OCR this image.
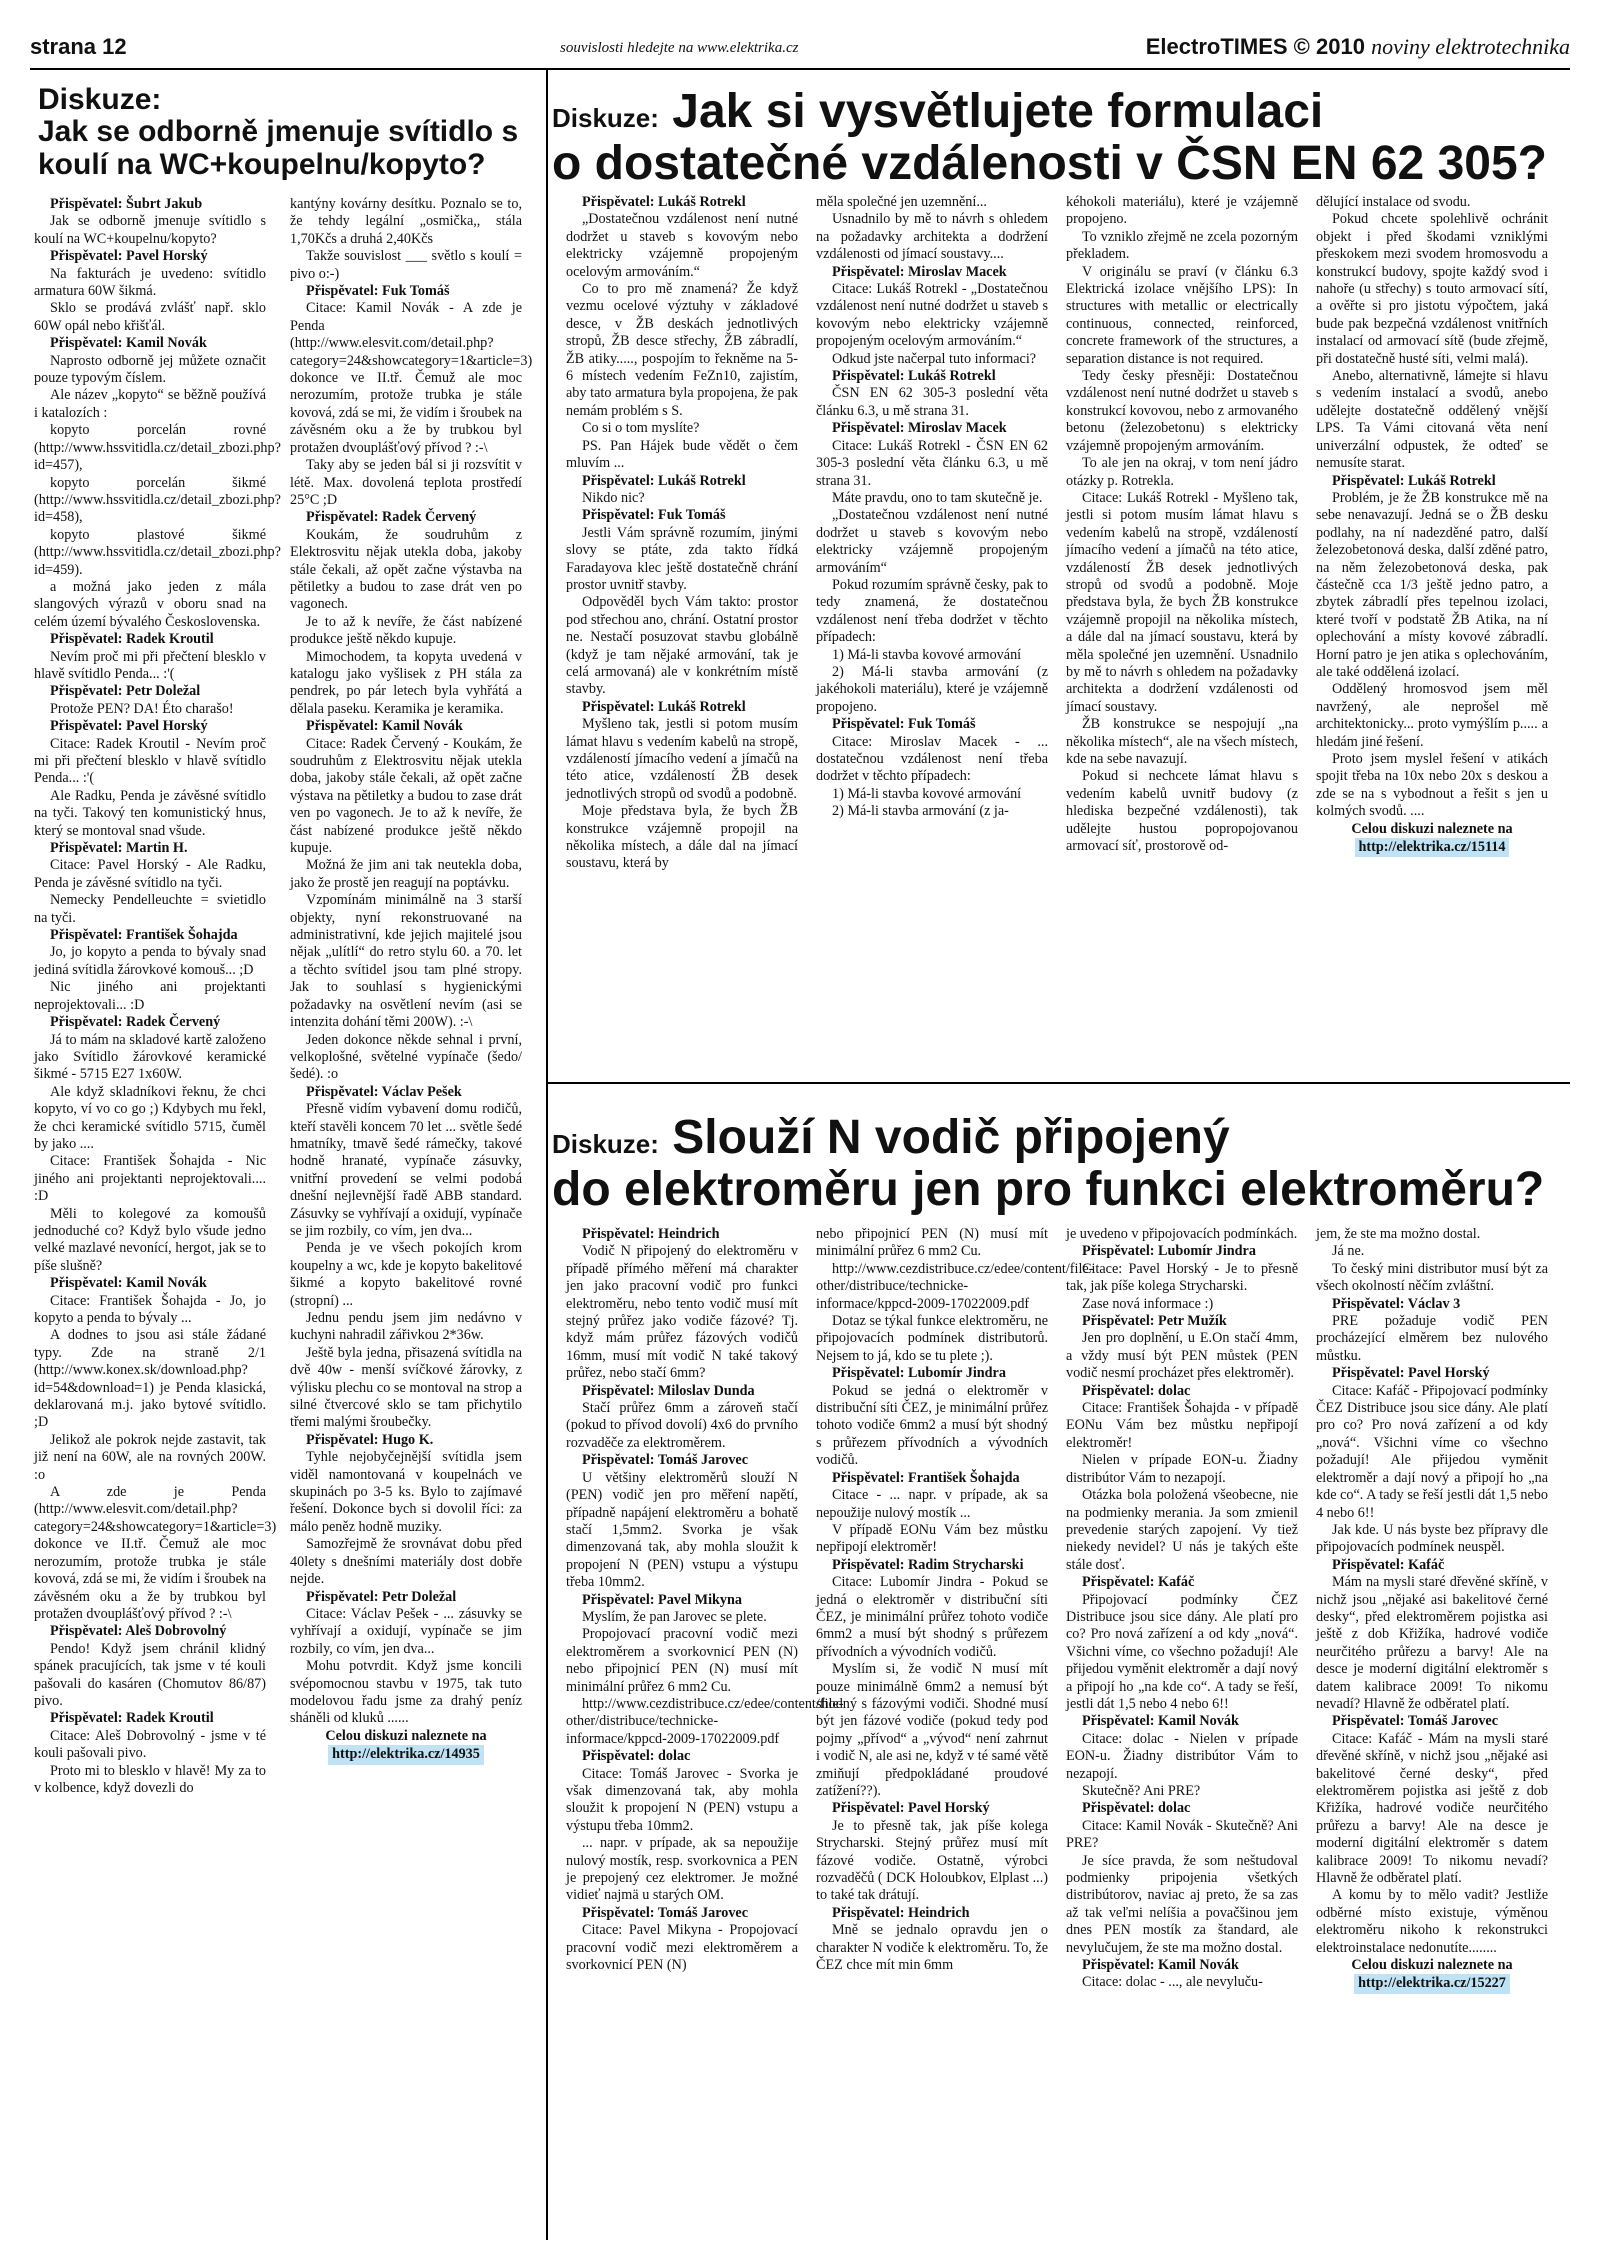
strana 12	souvislosti hledejte na www.elektrika.cz	ElectroTIMES © 2010 noviny elektrotechnika
Diskuze:
Jak se odborně jmenuje svítidlo s koulí na WC+koupelnu/kopyto?
Diskuze: Jak si vysvětlujete formulaci
o dostatečné vzdálenosti v ČSN EN 62 305?
Diskuze: Slouží N vodič připojený
do elektroměru jen pro funkci elektroměru?

Přispěvatel: Šubrt Jakub

Jak se odborně jmenuje svítidlo s koulí na WC+koupelnu/kopyto?

Přispěvatel: Pavel Horský

Na fakturách je uvedeno: svítidlo armatura 60W šikmá.

Sklo se prodává zvlášť např. sklo 60W opál nebo křišťál.

Přispěvatel: Kamil Novák

Naprosto odborně jej můžete označit pouze typovým číslem.

Ale název „kopyto“ se běžně používá i katalozích :

kopyto porcelán rovné (http://www.hssvitidla.cz/detail_zbozi.php?id=457),

kopyto porcelán šikmé (http://www.hssvitidla.cz/detail_zbozi.php?id=458),

kopyto plastové šikmé (http://www.hssvitidla.cz/detail_zbozi.php?id=459).

a možná jako jeden z mála slangových výrazů v oboru snad na celém území bývalého Československa.

Přispěvatel: Radek Kroutil

Nevím proč mi při přečtení blesklo v hlavě svítidlo Penda... :'(

Přispěvatel: Petr Doležal

Protože PEN? DA! Éto charašo!

Přispěvatel: Pavel Horský

Citace: Radek Kroutil - Nevím proč mi při přečtení blesklo v hlavě svítidlo Penda... :'(

Ale Radku, Penda je závěsné svítidlo na tyči. Takový ten komunistický hnus, který se montoval snad všude.

Přispěvatel: Martin H.

Citace: Pavel Horský - Ale Radku, Penda je závěsné svítidlo na tyči.

Nemecky Pendelleuchte = svietidlo na tyči.

Přispěvatel: František Šohajda

Jo, jo kopyto a penda to bývaly snad jediná svítidla žárovkové komouš... ;D

Nic jiného ani projektanti neprojektovali... :D

Přispěvatel: Radek Červený

Já to mám na skladové kartě založeno jako Svítidlo žárovkové keramické šikmé - 5715 E27 1x60W.

Ale když skladníkovi řeknu, že chci kopyto, ví vo co go ;) Kdybych mu řekl, že chci keramické svítidlo 5715, čuměl by jako ....

Citace: František Šohajda - Nic jiného ani projektanti neprojektovali.... :D

Měli to kolegové za komoušů jednoduché co? Když bylo všude jedno velké mazlavé nevonící, hergot, jak se to píše slušně?

Přispěvatel: Kamil Novák

Citace: František Šohajda - Jo, jo kopyto a penda to bývaly ...

A dodnes to jsou asi stále žádané typy. Zde na straně 2/1 (http://www.konex.sk/download.php?id=54&download=1) je Penda klasická, deklarovaná m.j. jako bytové svítidlo. ;D

Jelikož ale pokrok nejde zastavit, tak již není na 60W, ale na rovných 200W. :o

A zde je Penda (http://www.elesvit.com/detail.php?category=24&showcategory=1&article=3) dokonce ve II.tř. Čemuž ale moc nerozumím, protože trubka je stále kovová, zdá se mi, že vidím i šroubek na závěsném oku a že by trubkou byl protažen dvouplášťový přívod ? :-\

Přispěvatel: Aleš Dobrovolný

Pendo! Když jsem chránil klidný spánek pracujících, tak jsme v té kouli pašovali do kasáren (Chomutov 86/87) pivo.

Přispěvatel: Radek Kroutil

Citace: Aleš Dobrovolný - jsme v té kouli pašovali pivo.

Proto mi to blesklo v hlavě! My za to v kolbence, když dovezli do

kantýny kovárny desítku. Poznalo se to, že tehdy legální „osmička,, stála 1,70Kčs a druhá 2,40Kčs

Takže souvislost ___ světlo s koulí = pivo o:-)

Přispěvatel: Fuk Tomáš

Citace: Kamil Novák - A zde je Penda (http://www.elesvit.com/detail.php?category=24&showcategory=1&article=3) dokonce ve II.tř. Čemuž ale moc nerozumím, protože trubka je stále kovová, zdá se mi, že vidím i šroubek na závěsném oku a že by trubkou byl protažen dvouplášťový přívod ? :-\

Taky aby se jeden bál si ji rozsvítit v létě. Max. dovolená teplota prostředí 25°C ;D

Přispěvatel: Radek Červený

Koukám, že soudruhům z Elektrosvitu nějak utekla doba, jakoby stále čekali, až opět začne výstavba na pětiletky a budou to zase drát ven po vagonech.

Je to až k nevíře, že část nabízené produkce ještě někdo kupuje.

Mimochodem, ta kopyta uvedená v katalogu jako vyšlisek z PH stála za pendrek, po pár letech byla vyhřátá a dělala paseku. Keramika je keramika.

Přispěvatel: Kamil Novák

Citace: Radek Červený - Koukám, že soudruhům z Elektrosvitu nějak utekla doba, jakoby stále čekali, až opět začne výstava na pětiletky a budou to zase drát ven po vagonech. Je to až k nevíře, že část nabízené produkce ještě někdo kupuje.

Možná že jim ani tak neutekla doba, jako že prostě jen reagují na poptávku.

Vzpomínám minimálně na 3 starší objekty, nyní rekonstruované na administrativní, kde jejich majitelé jsou nějak „ulítlí“ do retro stylu 60. a 70. let a těchto svítidel jsou tam plné stropy. Jak to souhlasí s hygienickými požadavky na osvětlení nevím (asi se intenzita dohání těmi 200W). :-\

Jeden dokonce někde sehnal i první, velkoplošné, světelné vypínače (šedo/šedé). :o

Přispěvatel: Václav Pešek

Přesně vidím vybavení domu rodičů, kteří stavěli koncem 70 let ... světle šedé hmatníky, tmavě šedé rámečky, takové hodně hranaté, vypínače zásuvky, vnitřní provedení se velmi podobá dnešní nejlevnější řadě ABB standard. Zásuvky se vyhřívají a oxidují, vypínače se jim rozbily, co vím, jen dva...

Penda je ve všech pokojích krom koupelny a wc, kde je kopyto bakelitové šikmé a kopyto bakelitové rovné (stropní) ...

Jednu pendu jsem jim nedávno v kuchyni nahradil zářivkou 2*36w.

Ještě byla jedna, přisazená svítidla na dvě 40w - menší svíčkové žárovky, z výlisku plechu co se montoval na strop a silné čtvercové sklo se tam přichytilo třemi malými šroubečky.

Přispěvatel: Hugo K.

Tyhle nejobyčejnější svítidla jsem viděl namontovaná v koupelnách ve skupinách po 3-5 ks. Bylo to zajímavé řešení. Dokonce bych si dovolil říci: za málo peněz hodně muziky.

Samozřejmě že srovnávat dobu před 40lety s dnešními materiály dost dobře nejde.

Přispěvatel: Petr Doležal

Citace: Václav Pešek - ... zásuvky se vyhřívají a oxidují, vypínače se jim rozbily, co vím, jen dva...

Mohu potvrdit. Když jsme koncili svépomocnou stavbu v 1975, tak tuto modelovou řadu jsme za drahý peníz sháněli od kluků ......

Celou diskuzi naleznete na

http://elektrika.cz/14935

Přispěvatel: Lukáš Rotrekl

„Dostatečnou vzdálenost není nutné dodržet u staveb s kovovým nebo elektricky vzájemně propojeným ocelovým armováním.“

Co to pro mě znamená? Že když vezmu ocelové výztuhy v základové desce, v ŽB deskách jednotlivých stropů, ŽB desce střechy, ŽB zábradlí, ŽB atiky....., pospojím to řekněme na 5-6 místech vedením FeZn10, zajistím, aby tato armatura byla propojena, že pak nemám problém s S.

Co si o tom myslíte?

PS. Pan Hájek bude vědět o čem mluvím ...

Přispěvatel: Lukáš Rotrekl

Nikdo nic?

Přispěvatel: Fuk Tomáš

Jestli Vám správně rozumím, jinými slovy se ptáte, zda takto řídká Faradayova klec ještě dostatečně chrání prostor uvnitř stavby.

Odpověděl bych Vám takto: prostor pod střechou ano, chrání. Ostatní prostor ne. Nestačí posuzovat stavbu globálně (když je tam nějaké armování, tak je celá armovaná) ale v konkrétním místě stavby.

Přispěvatel: Lukáš Rotrekl

Myšleno tak, jestli si potom musím lámat hlavu s vedením kabelů na stropě, vzdáleností jímacího vedení a jímačů na této atice, vzdáleností ŽB desek jednotlivých stropů od svodů a podobně.

Moje představa byla, že bych ŽB konstrukce vzájemně propojil na několika místech, a dále dal na jímací soustavu, která by

měla společné jen uzemnění...

Usnadnilo by mě to návrh s ohledem na požadavky architekta a dodržení vzdálenosti od jímací soustavy....

Přispěvatel: Miroslav Macek

Citace: Lukáš Rotrekl - „Dostatečnou vzdálenost není nutné dodržet u staveb s kovovým nebo elektricky vzájemně propojeným ocelovým armováním.“

Odkud jste načerpal tuto informaci?

Přispěvatel: Lukáš Rotrekl

ČSN EN 62 305-3 poslední věta článku 6.3, u mě strana 31.

Přispěvatel: Miroslav Macek

Citace: Lukáš Rotrekl - ČSN EN 62 305-3 poslední věta článku 6.3, u mě strana 31.

Máte pravdu, ono to tam skutečně je.

„Dostatečnou vzdálenost není nutné dodržet u staveb s kovovým nebo elektricky vzájemně propojeným armováním“

Pokud rozumím správně česky, pak to tedy znamená, že dostatečnou vzdálenost není třeba dodržet v těchto případech:

1) Má-li stavba kovové armování

2) Má-li stavba armování (z jakéhokoli materiálu), které je vzájemně propojeno.

Přispěvatel: Fuk Tomáš

Citace: Miroslav Macek - ... dostatečnou vzdálenost není třeba dodržet v těchto případech:

1) Má-li stavba kovové armování

2) Má-li stavba armování (z ja-

kéhokoli materiálu), které je vzájemně propojeno.

To vzniklo zřejmě ne zcela pozorným překladem.

V originálu se praví (v článku 6.3 Elektrická izolace vnějšího LPS): In structures with metallic or electrically continuous, connected, reinforced, concrete framework of the structures, a separation distance is not required.

Tedy česky přesněji: Dostatečnou vzdálenost není nutné dodržet u staveb s konstrukcí kovovou, nebo z armovaného betonu (železobetonu) s elektricky vzájemně propojeným armováním.

To ale jen na okraj, v tom není jádro otázky p. Rotrekla.

Citace: Lukáš Rotrekl - Myšleno tak, jestli si potom musím lámat hlavu s vedením kabelů na stropě, vzdáleností jímacího vedení a jímačů na této atice, vzdáleností ŽB desek jednotlivých stropů od svodů a podobně. Moje představa byla, že bych ŽB konstrukce vzájemně propojil na několika místech, a dále dal na jímací soustavu, která by měla společné jen uzemnění. Usnadnilo by mě to návrh s ohledem na požadavky architekta a dodržení vzdálenosti od jímací soustavy.

ŽB konstrukce se nespojují „na několika místech“, ale na všech místech, kde na sebe navazují.

Pokud si nechcete lámat hlavu s vedením kabelů uvnitř budovy (z hlediska bezpečné vzdálenosti), tak udělejte hustou popropojovanou armovací síť, prostorově od-

dělující instalace od svodu.

Pokud chcete spolehlivě ochránit objekt i před škodami vzniklými přeskokem mezi svodem hromosvodu a konstrukcí budovy, spojte každý svod i nahoře (u střechy) s touto armovací sítí, a ověřte si pro jistotu výpočtem, jaká bude pak bezpečná vzdálenost vnitřních instalací od armovací sítě (bude zřejmě, při dostatečně husté síti, velmi malá).

Anebo, alternativně, lámejte si hlavu s vedením instalací a svodů, anebo udělejte dostatečně oddělený vnější LPS. Ta Vámi citovaná věta není univerzální odpustek, že odteď se nemusíte starat.

Přispěvatel: Lukáš Rotrekl

Problém, je že ŽB konstrukce mě na sebe nenavazují. Jedná se o ŽB desku podlahy, na ní nadezděné patro, další železobetonová deska, další zděné patro, na něm železobetonová deska, pak částečně cca 1/3 ještě jedno patro, a zbytek zábradlí přes tepelnou izolaci, které tvoří v podstatě ŽB Atika, na ní oplechování a místy kovové zábradlí. Horní patro je jen atika s oplechováním, ale také oddělená izolací.

Oddělený hromosvod jsem měl navržený, ale neprošel mě architektonicky... proto vymýšlím p..... a hledám jiné řešení.

Proto jsem myslel řešení v atikách spojit třeba na 10x nebo 20x s deskou a zde se na s vybodnout a řešit s jen u kolmých svodů. ....

Celou diskuzi naleznete na

http://elektrika.cz/15114

Přispěvatel: Heindrich

Vodič N připojený do elektroměru v případě přímého měření má charakter jen jako pracovní vodič pro funkci elektroměru, nebo tento vodič musí mít stejný průřez jako vodiče fázové? Tj. když mám průřez fázových vodičů 16mm, musí mít vodič N také takový průřez, nebo stačí 6mm?

Přispěvatel: Miloslav Dunda

Stačí průřez 6mm a zároveň stačí (pokud to přívod dovolí) 4x6 do prvního rozvaděče za elektroměrem.

Přispěvatel: Tomáš Jarovec

U většiny elektroměrů slouží N (PEN) vodič jen pro měření napětí, případně napájení elektroměru a bohatě stačí 1,5mm2. Svorka je však dimenzovaná tak, aby mohla sloužit k propojení N (PEN) vstupu a výstupu třeba 10mm2.

Přispěvatel: Pavel Mikyna

Myslím, že pan Jarovec se plete.

Propojovací pracovní vodič mezi elektroměrem a svorkovnicí PEN (N) nebo připojnicí PEN (N) musí mít minimální průřez 6 mm2 Cu.

http://www.cezdistribuce.cz/edee/content/file-other/distribuce/technicke-informace/kppcd-2009-17022009.pdf

Přispěvatel: dolac

Citace: Tomáš Jarovec - Svorka je však dimenzovaná tak, aby mohla sloužit k propojení N (PEN) vstupu a výstupu třeba 10mm2.

... napr. v prípade, ak sa nepoužije nulový mostík, resp. svorkovnica a PEN je prepojený cez elektromer. Je možné vidieť najmä u starých OM.

Přispěvatel: Tomáš Jarovec

Citace: Pavel Mikyna - Propojovací pracovní vodič mezi elektroměrem a svorkovnicí PEN (N)

nebo připojnicí PEN (N) musí mít minimální průřez 6 mm2 Cu.

http://www.cezdistribuce.cz/edee/content/file-other/distribuce/technicke-informace/kppcd-2009-17022009.pdf

Dotaz se týkal funkce elektroměru, ne připojovacích podmínek distributorů. Nejsem to já, kdo se tu plete ;).

Přispěvatel: Lubomír Jindra

Pokud se jedná o elektroměr v distribuční síti ČEZ, je minimální průřez tohoto vodiče 6mm2 a musí být shodný s průřezem přívodních a vývodních vodičů.

Přispěvatel: František Šohajda

Citace - ... napr. v prípade, ak sa nepoužije nulový mostík ...

V případě EONu Vám bez můstku nepřipojí elektroměr!

Přispěvatel: Radim Strycharski

Citace: Lubomír Jindra - Pokud se jedná o elektroměr v distribuční síti ČEZ, je minimální průřez tohoto vodiče 6mm2 a musí být shodný s průřezem přívodních a vývodních vodičů.

Myslím si, že vodič N musí mít pouze minimálně 6mm2 a nemusí být shodný s fázovými vodiči. Shodné musí být jen fázové vodiče (pokud tedy pod pojmy „přívod“ a „vývod“ není zahrnut i vodič N, ale asi ne, když v té samé větě zmiňují předpokládané proudové zatížení??).

Přispěvatel: Pavel Horský

Je to přesně tak, jak píše kolega Strycharski. Stejný průřez musí mít fázové vodiče. Ostatně, výrobci rozvaděčů ( DCK Holoubkov, Elplast ...) to také tak drátují.

Přispěvatel: Heindrich

Mně se jednalo opravdu jen o charakter N vodiče k elektroměru. To, že ČEZ chce mít min 6mm

je uvedeno v připojovacích podmínkách.

Přispěvatel: Lubomír Jindra

Citace: Pavel Horský - Je to přesně tak, jak píše kolega Strycharski.

Zase nová informace :)

Přispěvatel: Petr Mužík

Jen pro doplnění, u E.On stačí 4mm, a vždy musí být PEN můstek (PEN vodič nesmí procházet přes elektroměr).

Přispěvatel: dolac

Citace: František Šohajda - v případě EONu Vám bez můstku nepřipojí elektroměr!

Nielen v prípade EON-u. Žiadny distribútor Vám to nezapojí.

Otázka bola položená všeobecne, nie na podmienky merania. Ja som zmienil prevedenie starých zapojení. Vy tiež niekedy nevidel? U nás je takých ešte stále dosť.

Přispěvatel: Kafáč

Připojovací podmínky ČEZ Distribuce jsou sice dány. Ale platí pro co? Pro nová zařízení a od kdy „nová“. Všichni víme, co všechno požadují! Ale přijedou vyměnit elektroměr a dají nový a připojí ho „na kde co“. A tady se řeší, jestli dát 1,5 nebo 4 nebo 6!!

Přispěvatel: Kamil Novák

Citace: dolac - Nielen v prípade EON-u. Žiadny distribútor Vám to nezapojí.

Skutečně? Ani PRE?

Přispěvatel: dolac

Citace: Kamil Novák - Skutečně? Ani PRE?

Je síce pravda, že som neštudoval podmienky pripojenia všetkých distribútorov, naviac aj preto, že sa zas až tak veľmi nelíšia a povačšinou jem dnes PEN mostík za štandard, ale nevylučujem, že ste ma možno dostal.

Přispěvatel: Kamil Novák

Citace: dolac - ..., ale nevyluču-

jem, že ste ma možno dostal.

Já ne.

To český mini distributor musí být za všech okolností něčím zvláštní.

Přispěvatel: Václav 3

PRE požaduje vodič PEN procházející elměrem bez nulového můstku.

Přispěvatel: Pavel Horský

Citace: Kafáč - Připojovací podmínky ČEZ Distribuce jsou sice dány. Ale platí pro co? Pro nová zařízení a od kdy „nová“. Všichni víme co všechno požadují! Ale přijedou vyměnit elektroměr a dají nový a připojí ho „na kde co“. A tady se řeší jestli dát 1,5 nebo 4 nebo 6!!

Jak kde. U nás byste bez přípravy dle připojovacích podmínek neuspěl.

Přispěvatel: Kafáč

Mám na mysli staré dřevěné skříně, v nichž jsou „nějaké asi bakelitové černé desky“, před elektroměrem pojistka asi ještě z dob Křižíka, hadrové vodiče neurčitého průřezu a barvy! Ale na desce je moderní digitální elektroměr s datem kalibrace 2009! To nikomu nevadí? Hlavně že odběratel platí.

Přispěvatel: Tomáš Jarovec

Citace: Kafáč - Mám na mysli staré dřevěné skříně, v nichž jsou „nějaké asi bakelitové černé desky“, před elektroměrem pojistka asi ještě z dob Křižíka, hadrové vodiče neurčitého průřezu a barvy! Ale na desce je moderní digitální elektroměr s datem kalibrace 2009! To nikomu nevadí? Hlavně že odběratel platí.

A komu by to mělo vadit? Jestliže odběrné místo existuje, výměnou elektroměru nikoho k rekonstrukci elektroinstalace nedonutíte........

Celou diskuzi naleznete na

http://elektrika.cz/15227
